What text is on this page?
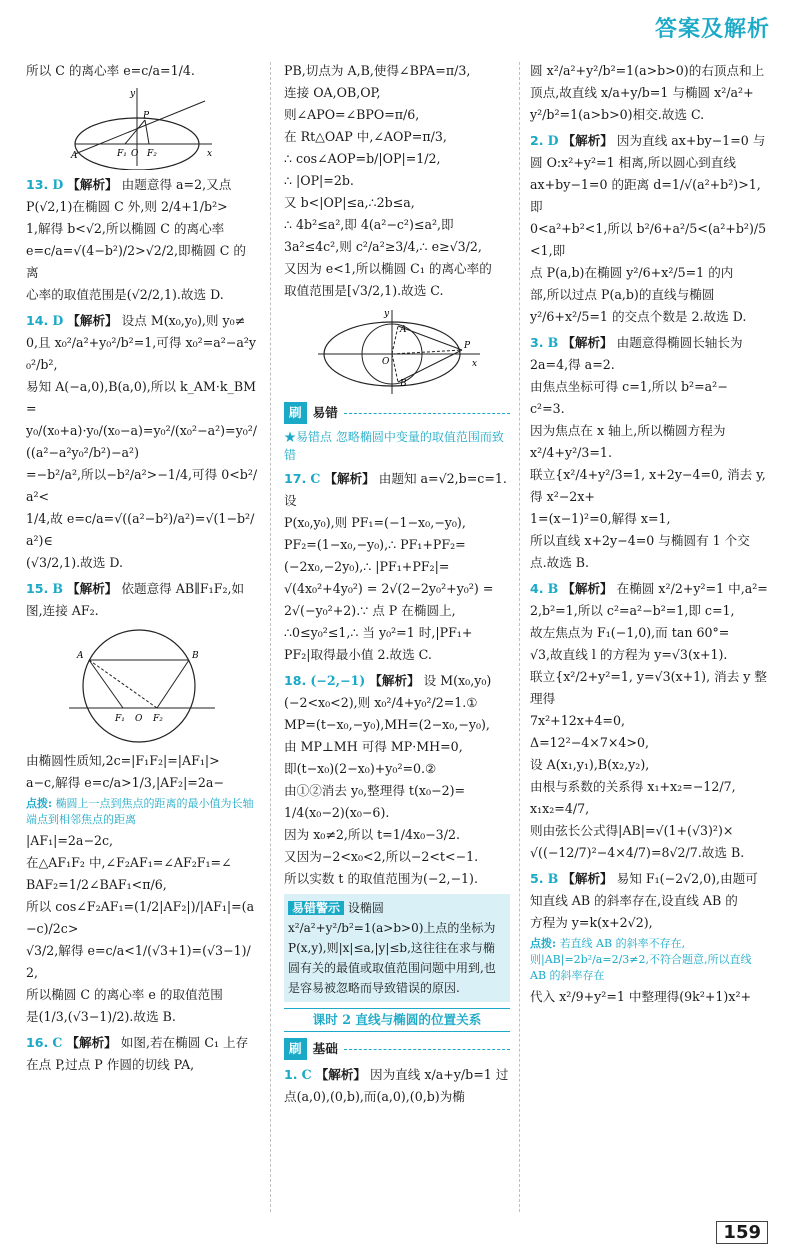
答案及解析

所以 C 的离心率 e=c/a=1/4.

y
P
A	F₁ O F₂	x

13. D 【解析】 由题意得 a=2,又点
P(√2,1)在椭圆 C 外,则 2/4+1/b²>
1,解得 b<√2,所以椭圆 C 的离心率
e=c/a=√(4−b²)/2>√2/2,即椭圆 C 的离
心率的取值范围是(√2/2,1).故选 D.

14. D 【解析】 设点 M(x₀,y₀),则 y₀≠
0,且 x₀²/a²+y₀²/b²=1,可得 x₀²=a²−a²y₀²/b²,
易知 A(−a,0),B(a,0),所以 k_AM·k_BM =
y₀/(x₀+a)·y₀/(x₀−a)=y₀²/(x₀²−a²)=y₀²/((a²−a²y₀²/b²)−a²)
=−b²/a²,所以−b²/a²>−1/4,可得 0<b²/a²<
1/4,故 e=c/a=√((a²−b²)/a²)=√(1−b²/a²)∈
(√3/2,1).故选 D.

15. B 【解析】 依题意得 AB∥F₁F₂,如
图,连接 AF₂.

A	B
F₁ O F₂

由椭圆性质知,2c=|F₁F₂|=|AF₁|>
a−c,解得 e=c/a>1/3,|AF₂|=2a−

点拨: 椭圆上一点到焦点的距离的最小值为长轴端点到相邻焦点的距离

|AF₁|=2a−2c,
在△AF₁F₂ 中,∠F₂AF₁=∠AF₂F₁=∠
BAF₂=1/2∠BAF₁<π/6,
所以 cos∠F₂AF₁=(1/2|AF₂|)/|AF₁|=(a−c)/2c>
√3/2,解得 e=c/a<1/(√3+1)=(√3−1)/2,
所以椭圆 C 的离心率 e 的取值范围
是(1/3,(√3−1)/2).故选 B.

16. C 【解析】 如图,若在椭圆 C₁ 上存
在点 P,过点 P 作圆的切线 PA,

PB,切点为 A,B,使得∠BPA=π/3,
连接 OA,OB,OP,
则∠APO=∠BPO=π/6,
在 Rt△OAP 中,∠AOP=π/3,
∴ cos∠AOP=b/|OP|=1/2,
∴ |OP|=2b.
又 b<|OP|≤a,∴2b≤a,
∴ 4b²≤a²,即 4(a²−c²)≤a²,即
3a²≤4c²,则 c²/a²≥3/4,∴ e≥√3/2,
又因为 e<1,所以椭圆 C₁ 的离心率的
取值范围是[√3/2,1).故选 C.

y
A
O
B
P
x
刷 易错
★易错点 忽略椭圆中变量的取值范围而致错

17. C 【解析】 由题知 a=√2,b=c=1.设
P(x₀,y₀),则 PF₁=(−1−x₀,−y₀),
PF₂=(1−x₀,−y₀),∴ PF₁+PF₂=
(−2x₀,−2y₀),∴ |PF₁+PF₂|=
√(4x₀²+4y₀²) = 2√(2−2y₀²+y₀²) =
2√(−y₀²+2).∵ 点 P 在椭圆上,
∴0≤y₀²≤1,∴ 当 y₀²=1 时,|PF₁+
PF₂|取得最小值 2.故选 C.

18. (−2,−1) 【解析】 设 M(x₀,y₀)
(−2<x₀<2),则 x₀²/4+y₀²/2=1.①
MP=(t−x₀,−y₀),MH=(2−x₀,−y₀),
由 MP⊥MH 可得 MP·MH=0,
即(t−x₀)(2−x₀)+y₀²=0.②
由①②消去 y₀,整理得 t(x₀−2)=
1/4(x₀−2)(x₀−6).
因为 x₀≠2,所以 t=1/4x₀−3/2.
又因为−2<x₀<2,所以−2<t<−1.
所以实数 t 的取值范围为(−2,−1).

易错警示 设椭圆 x²/a²+y²/b²=1(a>b>0)上点的坐标为 P(x,y),则|x|≤a,|y|≤b,这往往在求与椭圆有关的最值或取值范围问题中用到,也是容易被忽略而导致错误的原因.
课时 2 直线与椭圆的位置关系
刷 基础

1. C 【解析】 因为直线 x/a+y/b=1 过
点(a,0),(0,b),而(a,0),(0,b)为椭

圆 x²/a²+y²/b²=1(a>b>0)的右顶点和上
顶点,故直线 x/a+y/b=1 与椭圆 x²/a²+
y²/b²=1(a>b>0)相交.故选 C.

2. D 【解析】 因为直线 ax+by−1=0 与
圆 O:x²+y²=1 相离,所以圆心到直线
ax+by−1=0 的距离 d=1/√(a²+b²)>1,即
0<a²+b²<1,所以 b²/6+a²/5<(a²+b²)/5<1,即
点 P(a,b)在椭圆 y²/6+x²/5=1 的内
部,所以过点 P(a,b)的直线与椭圆
y²/6+x²/5=1 的交点个数是 2.故选 D.

3. B 【解析】 由题意得椭圆长轴长为
2a=4,得 a=2.
由焦点坐标可得 c=1,所以 b²=a²−
c²=3.
因为焦点在 x 轴上,所以椭圆方程为
x²/4+y²/3=1.
联立{x²/4+y²/3=1, x+2y−4=0, 消去 y,得 x²−2x+
1=(x−1)²=0,解得 x=1,
所以直线 x+2y−4=0 与椭圆有 1 个交
点.故选 B.

4. B 【解析】 在椭圆 x²/2+y²=1 中,a²=
2,b²=1,所以 c²=a²−b²=1,即 c=1,
故左焦点为 F₁(−1,0),而 tan 60°=
√3,故直线 l 的方程为 y=√3(x+1).
联立{x²/2+y²=1, y=√3(x+1), 消去 y 整理得
7x²+12x+4=0,
Δ=12²−4×7×4>0,
设 A(x₁,y₁),B(x₂,y₂),
由根与系数的关系得 x₁+x₂=−12/7,
x₁x₂=4/7,
则由弦长公式得|AB|=√(1+(√3)²)×
√((−12/7)²−4×4/7)=8√2/7.故选 B.

5. B 【解析】 易知 F₁(−2√2,0),由题可
知直线 AB 的斜率存在,设直线 AB 的
方程为 y=k(x+2√2),

点拨: 若直线 AB 的斜率不存在,则|AB|=2b²/a=2/3≠2,不符合题意,所以直线 AB 的斜率存在

代入 x²/9+y²=1 中整理得(9k²+1)x²+

159
